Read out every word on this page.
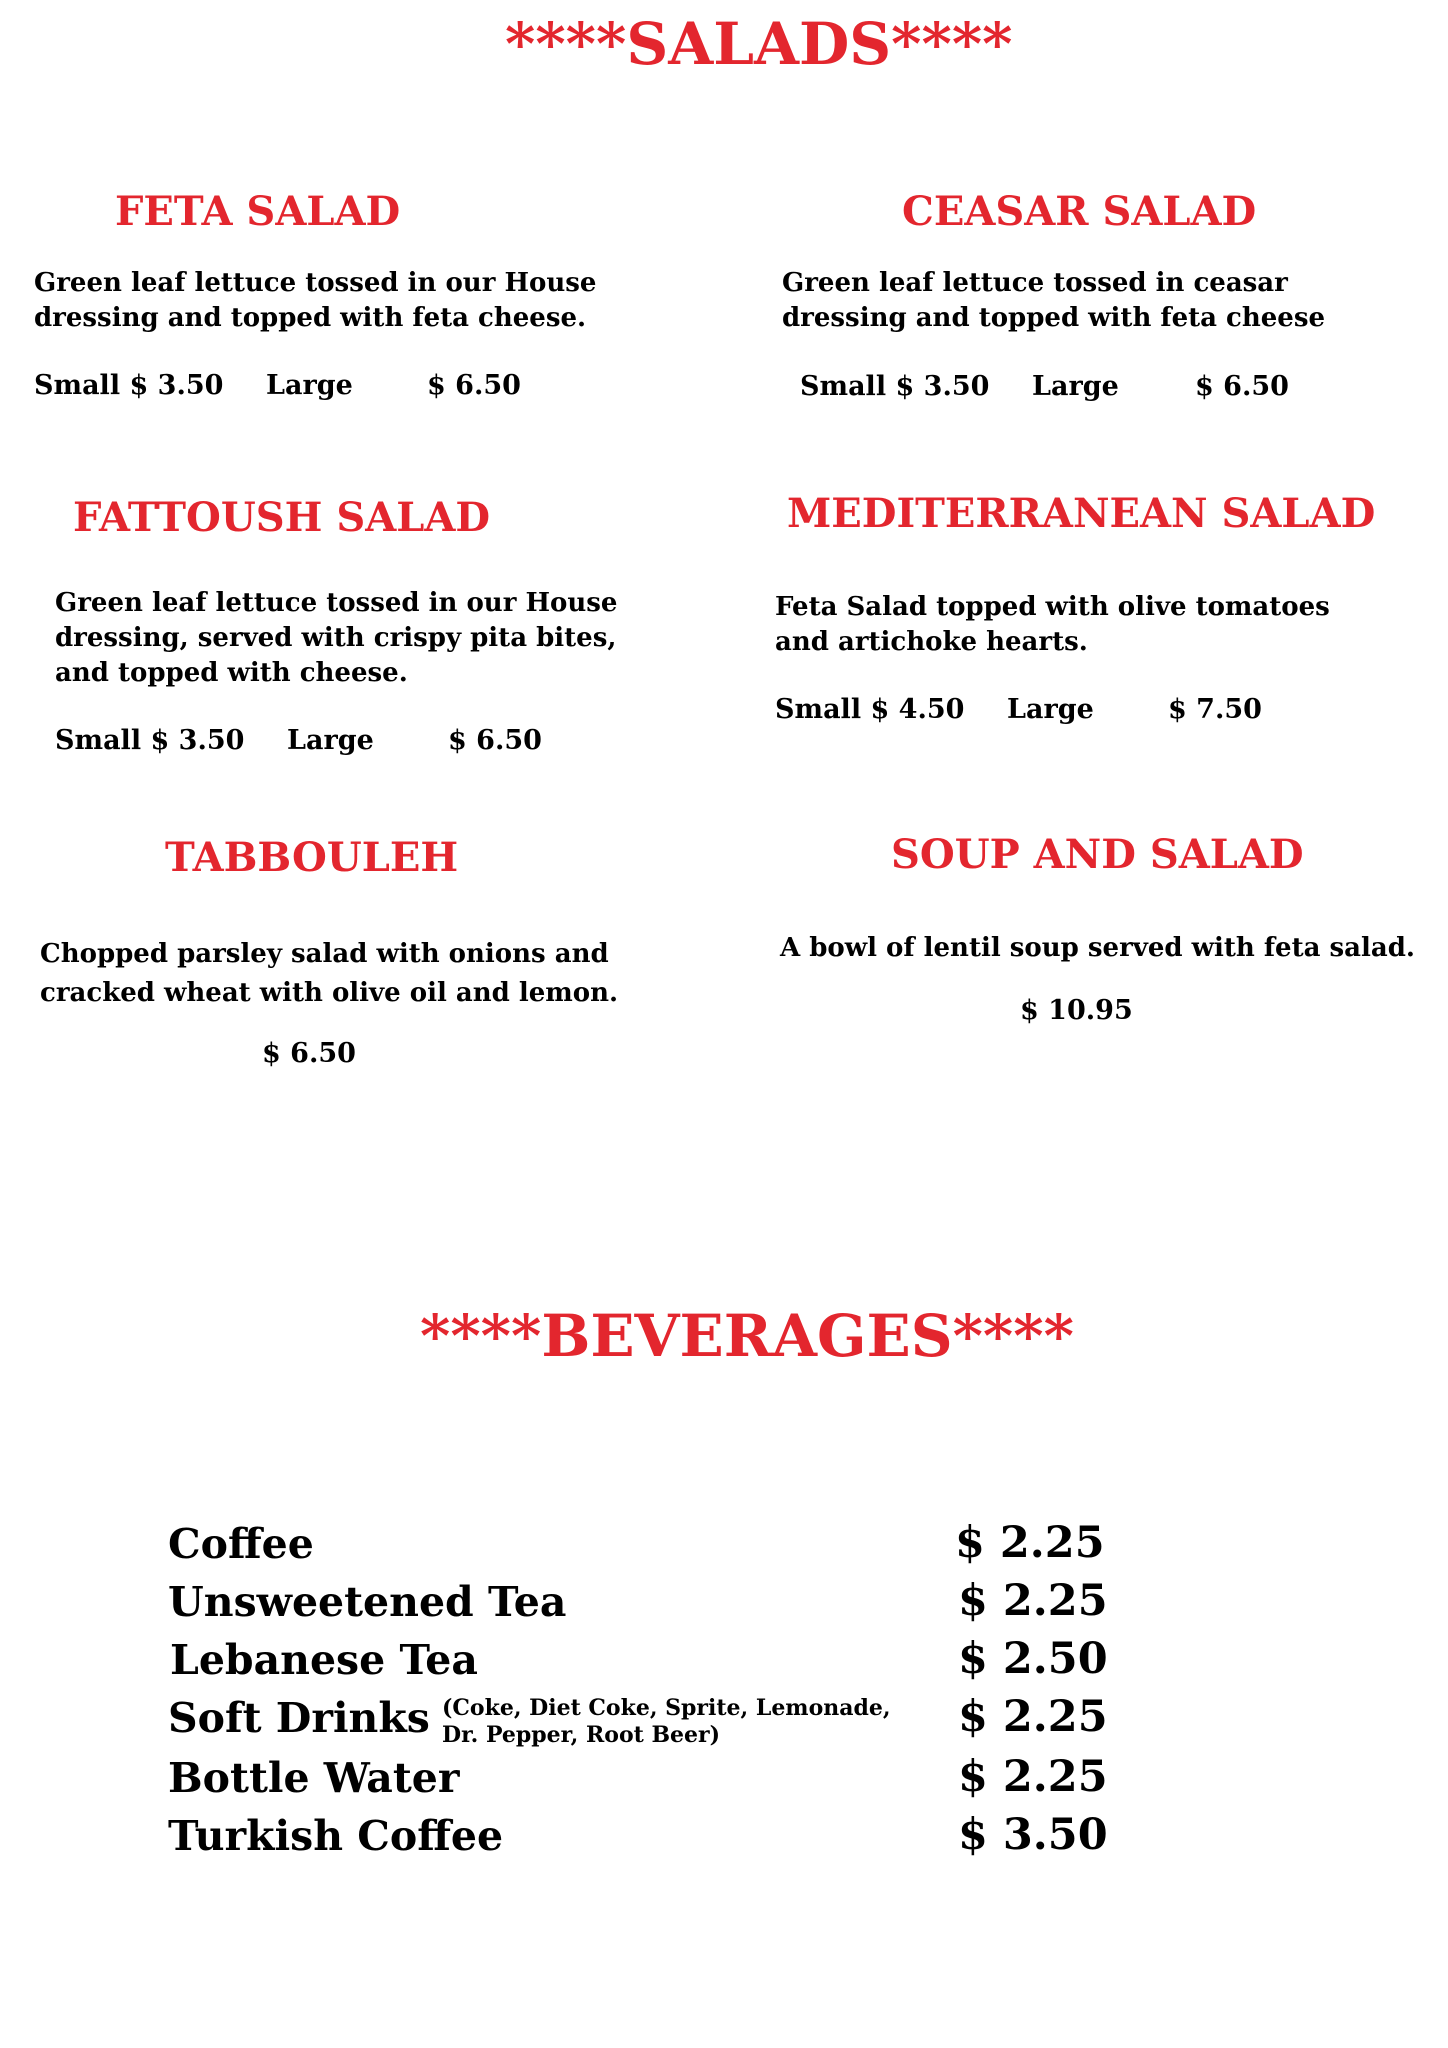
****SALADS****
FETA SALAD
Green leaf lettuce tossed in our House
dressing and topped with feta cheese.
Small $ 3.50 Large	$ 6.50
CEASAR SALAD
Green leaf lettuce tossed in ceasar
dressing and topped with feta cheese
Small $ 3.50 Large	$ 6.50
FATTOUSH SALAD
Green leaf lettuce tossed in our House
dressing, served with crispy pita bites,
and topped with cheese.
Small $ 3.50 Large	$ 6.50
MEDITERRANEAN SALAD
Feta Salad topped with olive tomatoes
and artichoke hearts.
Small $ 4.50 Large	$ 7.50
TABBOULEH
Chopped parsley salad with onions and
cracked wheat with olive oil and lemon.
$ 6.50
SOUP AND SALAD
A bowl of lentil soup served with feta salad.
$ 10.95
****BEVERAGES****
Coffee	$ 2.25
Unsweetened Tea	$ 2.25
Lebanese Tea	$ 2.50
Soft Drinks (Coke, Diet Coke, Sprite, Lemonade,
Dr. Pepper, Root Beer)	$ 2.25
Bottle Water	$ 2.25
Turkish Coffee	$ 3.50
